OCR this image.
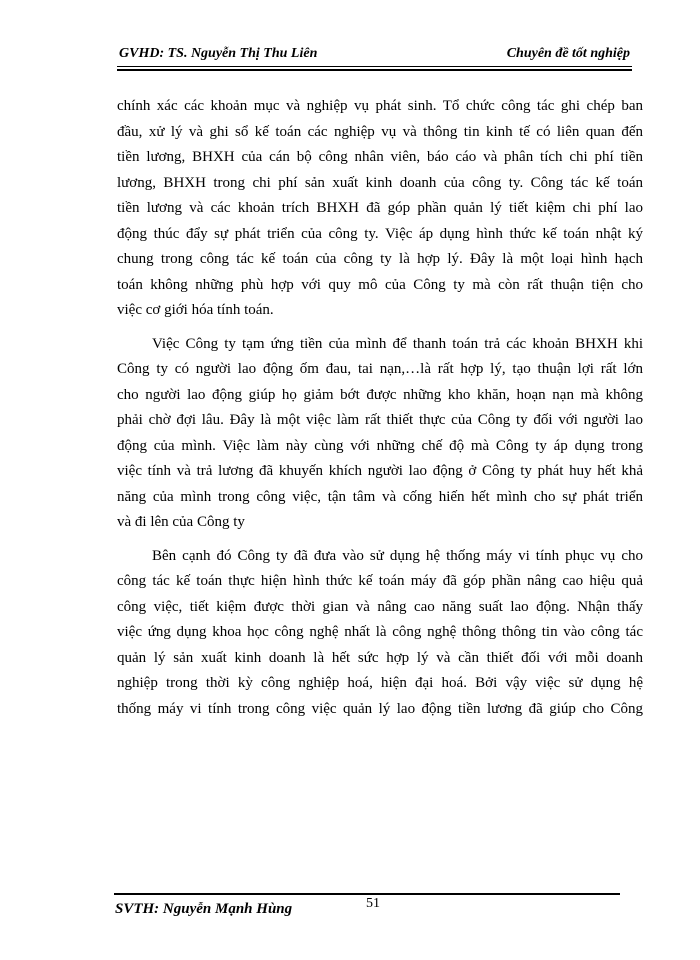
GVHD: TS. Nguyễn Thị Thu Liên	Chuyên đề tốt nghiệp
chính xác các khoản mục và nghiệp vụ phát sinh. Tổ chức công tác ghi chép ban
đầu, xử lý và ghi sổ kế toán các nghiệp vụ và thông tin kinh tế có liên quan đến
tiền lương, BHXH của cán bộ công nhân viên, báo cáo và phân tích chi phí tiền
lương, BHXH trong chi phí sản xuất kinh doanh của công ty. Công tác kế toán
tiền lương và các khoản trích BHXH đã góp phần quản lý tiết kiệm chi phí lao
động thúc đẩy sự phát triển của công ty. Việc áp dụng hình thức kế toán nhật ký
chung trong công tác kế toán của công ty là hợp lý. Đây là một loại hình hạch
toán không những phù hợp với quy mô của Công ty mà còn rất thuận tiện cho
việc cơ giới hóa tính toán.
Việc Công ty tạm ứng tiền của mình để thanh toán trả các khoản BHXH khi
Công ty có người lao động ốm đau, tai nạn,…là rất hợp lý, tạo thuận lợi rất lớn
cho người lao động giúp họ giảm bớt được những kho khăn, hoạn nạn mà không
phải chờ đợi lâu. Đây là một việc làm rất thiết thực của Công ty đối với người lao
động của mình. Việc làm này cùng với những chế độ mà Công ty áp dụng trong
việc tính và trả lương đã khuyến khích người lao động ở Công ty phát huy hết khả
năng của mình trong công việc, tận tâm và cống hiến hết mình cho sự phát triển
và đi lên của Công ty
Bên cạnh đó Công ty đã đưa vào sử dụng hệ thống máy vi tính phục vụ cho
công tác kế toán thực hiện hình thức kế toán máy đã góp phần nâng cao hiệu quả
công việc, tiết kiệm được thời gian và nâng cao năng suất lao động. Nhận thấy
việc ứng dụng khoa học công nghệ nhất là công nghệ thông thông tin vào công tác
quản lý sản xuất kinh doanh là hết sức hợp lý và cần thiết đối với mỗi doanh
nghiệp trong thời kỳ công nghiệp hoá, hiện đại hoá. Bởi vậy việc sử dụng hệ
thống máy vi tính trong công việc quản lý lao động tiền lương đã giúp cho Công
SVTH: Nguyễn Mạnh Hùng	51
